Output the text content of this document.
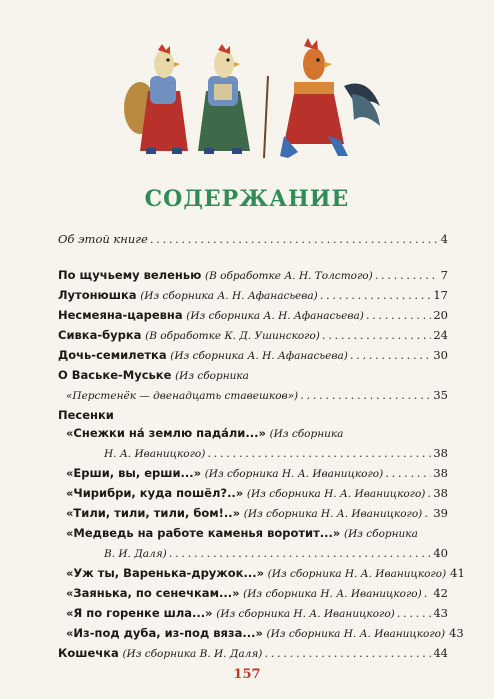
СОДЕРЖАНИЕ
Об этой книге . . .	4
По щучьему веленью (В обработке А. Н. Толстого) . . .	7
Лутонюшка (Из сборника А. Н. Афанасьева) . . .	17
Несмеяна-царевна (Из сборника А. Н. Афанасьева) . . .	20
Сивка-бурка (В обработке К. Д. Ушинского) . . .	24
Дочь-семилетка (Из сборника А. Н. Афанасьева) . . .	30
О Ваське-Муське (Из сборника
«Перстенёк — двенадцать ставешков») . . .	35
Песенки
«Снежки на́ землю пада́ли...» (Из сборника
Н. А. Иваницкого) . . .	38
«Ерши, вы, ерши...» (Из сборника Н. А. Иваницкого) . . .	38
«Чирибри, куда пошёл?..» (Из сборника Н. А. Иваницкого) . . . 38
«Тили, тили, тили, бом!..» (Из сборника Н. А. Иваницкого) . . . 39
«Медведь на работе каменья воротит...» (Из сборника
В. И. Даля) . . .	40
«Уж ты, Варенька-дружок...» (Из сборника Н. А. Иваницкого) 41
«Заянька, по сенечкам...» (Из сборника Н. А. Иваницкого) . . . 42
«Я по горенке шла...» (Из сборника Н. А. Иваницкого) . . .	43
«Из-под дуба, из-под вяза...» (Из сборника Н. А. Иваницкого) 43
Кошечка (Из сборника В. И. Даля) . . .	44
157
